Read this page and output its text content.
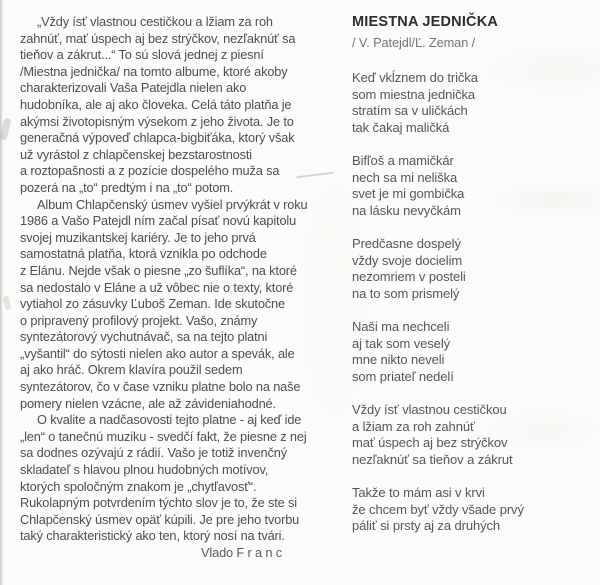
„Vždy ísť vlastnou cestičkou a lžiam za roh
zahnúť, mať úspech aj bez strýčkov, nezľaknúť sa
tieňov a zákrut...“ To sú slová jednej z piesní
/Miestna jednička/ na tomto albume, ktoré akoby
charakterizovali Vaša Patejdla nielen ako
hudobníka, ale aj ako človeka. Celá táto platňa je
akýmsi životopisným výsekom z jeho života. Je to
generačná výpoveď chlapca-bigbiťáka, ktorý však
už vyrástol z chlapčenskej bezstarostnosti
a roztopašnosti a z pozície dospelého muža sa
pozerá na „to“ predtým i na „to“ potom.
Album Chlapčenský úsmev vyšiel prvýkrát v roku
1986 a Vašo Patejdl ním začal písať novú kapitolu
svojej muzikantskej kariéry. Je to jeho prvá
samostatná platňa, ktorá vznikla po odchode
z Elánu. Nejde však o piesne „zo šuflíka“, na ktoré
sa nedostalo v Eláne a už vôbec nie o texty, ktoré
vytiahol zo zásuvky Ľuboš Zeman. Ide skutočne
o pripravený profilový projekt. Vašo, známy
syntezátorový vychutnávač, sa na tejto platni
„vyšantil“ do sýtosti nielen ako autor a spevák, ale
aj ako hráč. Okrem klavíra použil sedem
syntezátorov, čo v čase vzniku platne bolo na naše
pomery nielen vzácne, ale až závideniahodné.
O kvalite a nadčasovosti tejto platne - aj keď ide
„len“ o tanečnú muziku - svedčí fakt, že piesne z nej
sa dodnes ozývajú z rádií. Vašo je totiž invenčný
skladateľ s hlavou plnou hudobných motívov,
ktorých spoločným znakom je „chytľavosť“.
Rukolapným potvrdením týchto slov je to, že ste si
Chlapčenský úsmev opäť kúpili. Je pre jeho tvorbu
taký charakteristický ako ten, ktorý nosí na tvári.
Vlado F r a n c
MIESTNA JEDNIČKA
/ V. Patejdl/Ľ. Zeman /
Keď vkĺznem do trička
som miestna jednička
stratím sa v uličkách
tak čakaj maličká
Bifľoš a mamičkár
nech sa mi neliška
svet je mi gombička
na lásku nevyčkám
Predčasne dospelý
vždy svoje docielim
nezomriem v posteli
na to som prismelý
Naši ma nechceli
aj tak som veselý
mne nikto neveli
som priateľ nedelí
Vždy ísť vlastnou cestičkou
a lžiam za roh zahnúť
mať úspech aj bez strýčkov
nezľaknúť sa tieňov a zákrut
Takže to mám asi v krvi
že chcem byť vždy všade prvý
páliť si prsty aj za druhých
